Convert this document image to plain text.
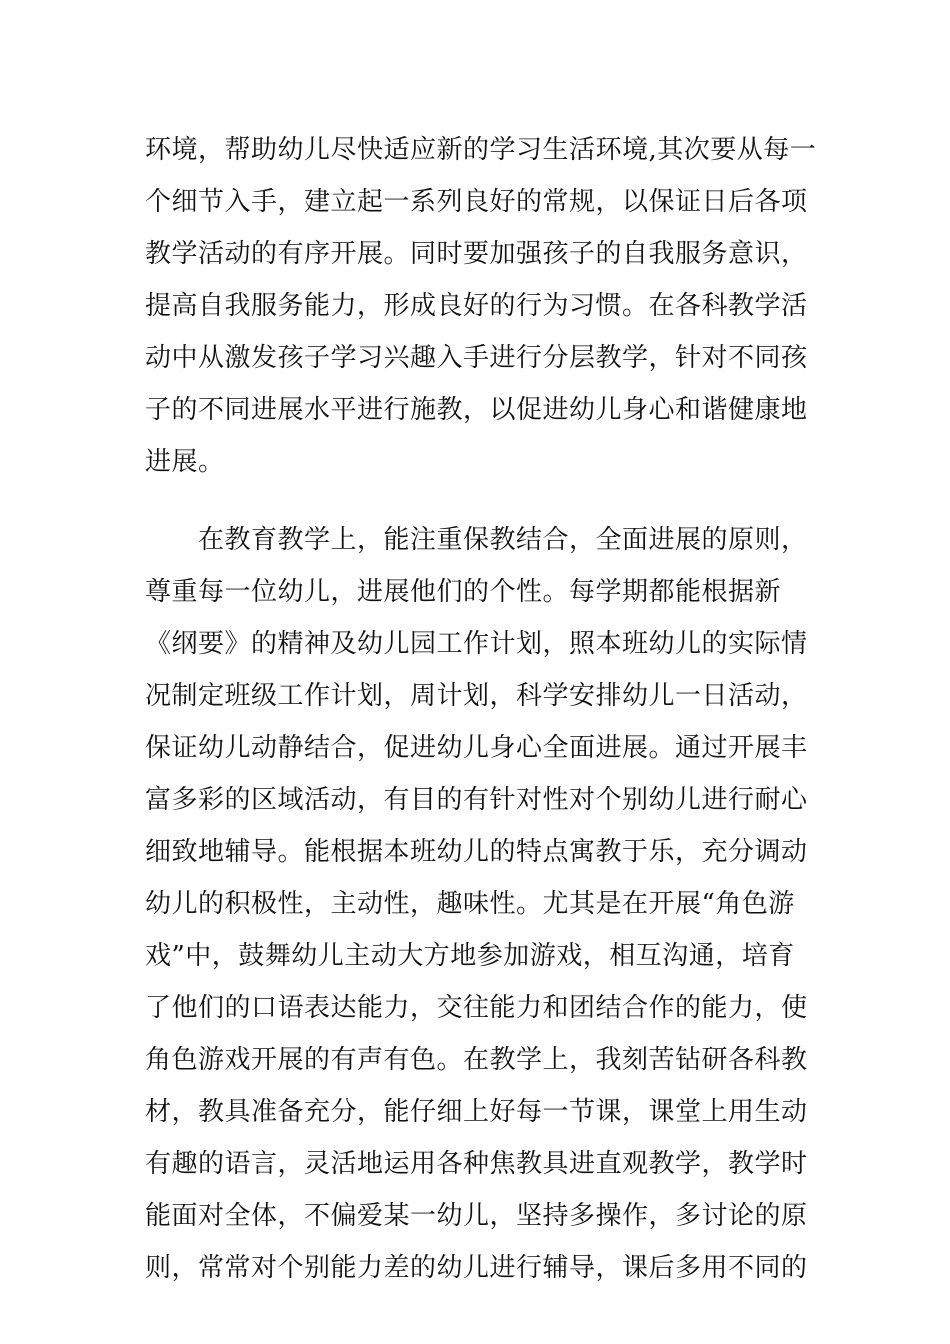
环境，帮助幼儿尽快适应新的学习生活环境,其次要从每一
个细节入手，建立起一系列良好的常规，以保证日后各项
教学活动的有序开展。同时要加强孩子的自我服务意识，
提高自我服务能力，形成良好的行为习惯。在各科教学活
动中从激发孩子学习兴趣入手进行分层教学，针对不同孩
子的不同进展水平进行施教，以促进幼儿身心和谐健康地
进展。
　　在教育教学上，能注重保教结合，全面进展的原则，
尊重每一位幼儿，进展他们的个性。每学期都能根据新
《纲要》的精神及幼儿园工作计划，照本班幼儿的实际情
况制定班级工作计划，周计划，科学安排幼儿一日活动，
保证幼儿动静结合，促进幼儿身心全面进展。通过开展丰
富多彩的区域活动，有目的有针对性对个别幼儿进行耐心
细致地辅导。能根据本班幼儿的特点寓教于乐，充分调动
幼儿的积极性，主动性，趣味性。尤其是在开展“角色游
戏”中，鼓舞幼儿主动大方地参加游戏，相互沟通，培育
了他们的口语表达能力，交往能力和团结合作的能力，使
角色游戏开展的有声有色。在教学上，我刻苦钻研各科教
材，教具准备充分，能仔细上好每一节课，课堂上用生动
有趣的语言，灵活地运用各种焦教具进直观教学，教学时
能面对全体，不偏爱某一幼儿，坚持多操作，多讨论的原
则，常常对个别能力差的幼儿进行辅导，课后多用不同的
